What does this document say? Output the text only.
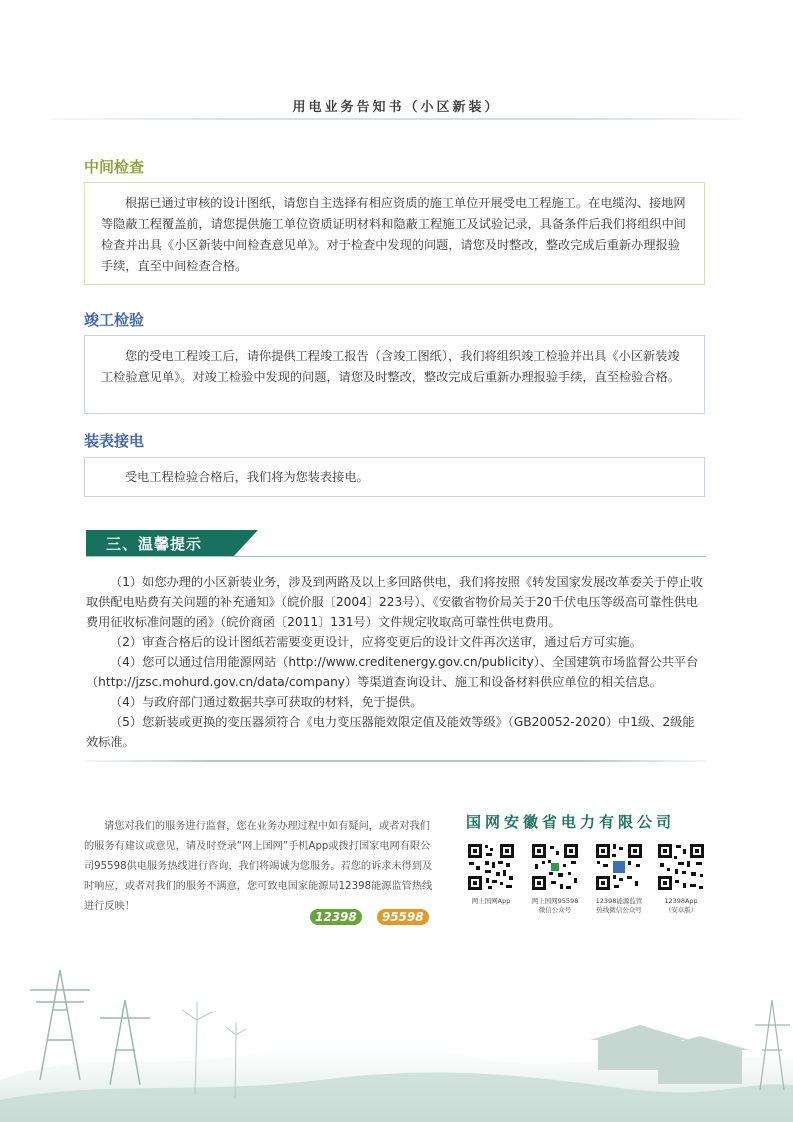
用电业务告知书（小区新装）
中间检查
根据已通过审核的设计图纸，请您自主选择有相应资质的施工单位开展受电工程施工。在电缆沟、接地网等隐蔽工程覆盖前，请您提供施工单位资质证明材料和隐蔽工程施工及试验记录，具备条件后我们将组织中间检查并出具《小区新装中间检查意见单》。对于检查中发现的问题，请您及时整改，整改完成后重新办理报验手续，直至中间检查合格。
竣工检验
您的受电工程竣工后，请你提供工程竣工报告（含竣工图纸），我们将组织竣工检验并出具《小区新装竣工检验意见单》。对竣工检验中发现的问题，请您及时整改，整改完成后重新办理报验手续，直至检验合格。
装表接电
受电工程检验合格后，我们将为您装表接电。
三、温馨提示

（1）如您办理的小区新装业务，涉及到两路及以上多回路供电，我们将按照《转发国家发展改革委关于停止收取供配电贴费有关问题的补充通知》（皖价服〔2004〕223号）、《安徽省物价局关于20千伏电压等级高可靠性供电费用征收标准问题的函》（皖价商函〔2011〕131号）文件规定收取高可靠性供电费用。

（2）审查合格后的设计图纸若需要变更设计，应将变更后的设计文件再次送审，通过后方可实施。

（4）您可以通过信用能源网站（http://www.creditenergy.gov.cn/publicity）、全国建筑市场监督公共平台（http://jzsc.mohurd.gov.cn/data/company）等渠道查询设计、施工和设备材料供应单位的相关信息。

（4）与政府部门通过数据共享可获取的材料，免于提供。

（5）您新装或更换的变压器须符合《电力变压器能效限定值及能效等级》（GB20052-2020）中1级、2级能效标准。

请您对我们的服务进行监督，您在业务办理过程中如有疑问，或者对我们的服务有建议或意见，请及时登录“网上国网”手机App或拨打国家电网有限公司95598供电服务热线进行咨询，我们将竭诚为您服务。若您的诉求未得到及时响应，或者对我们的服务不满意，您可致电国家能源局12398能源监管热线进行反映！
12398 95598
国网安徽省电力有限公司
网上国网App	网上国网95598
微信公众号
12398能源监管
热线微信公众号
12398App
（安卓版）
